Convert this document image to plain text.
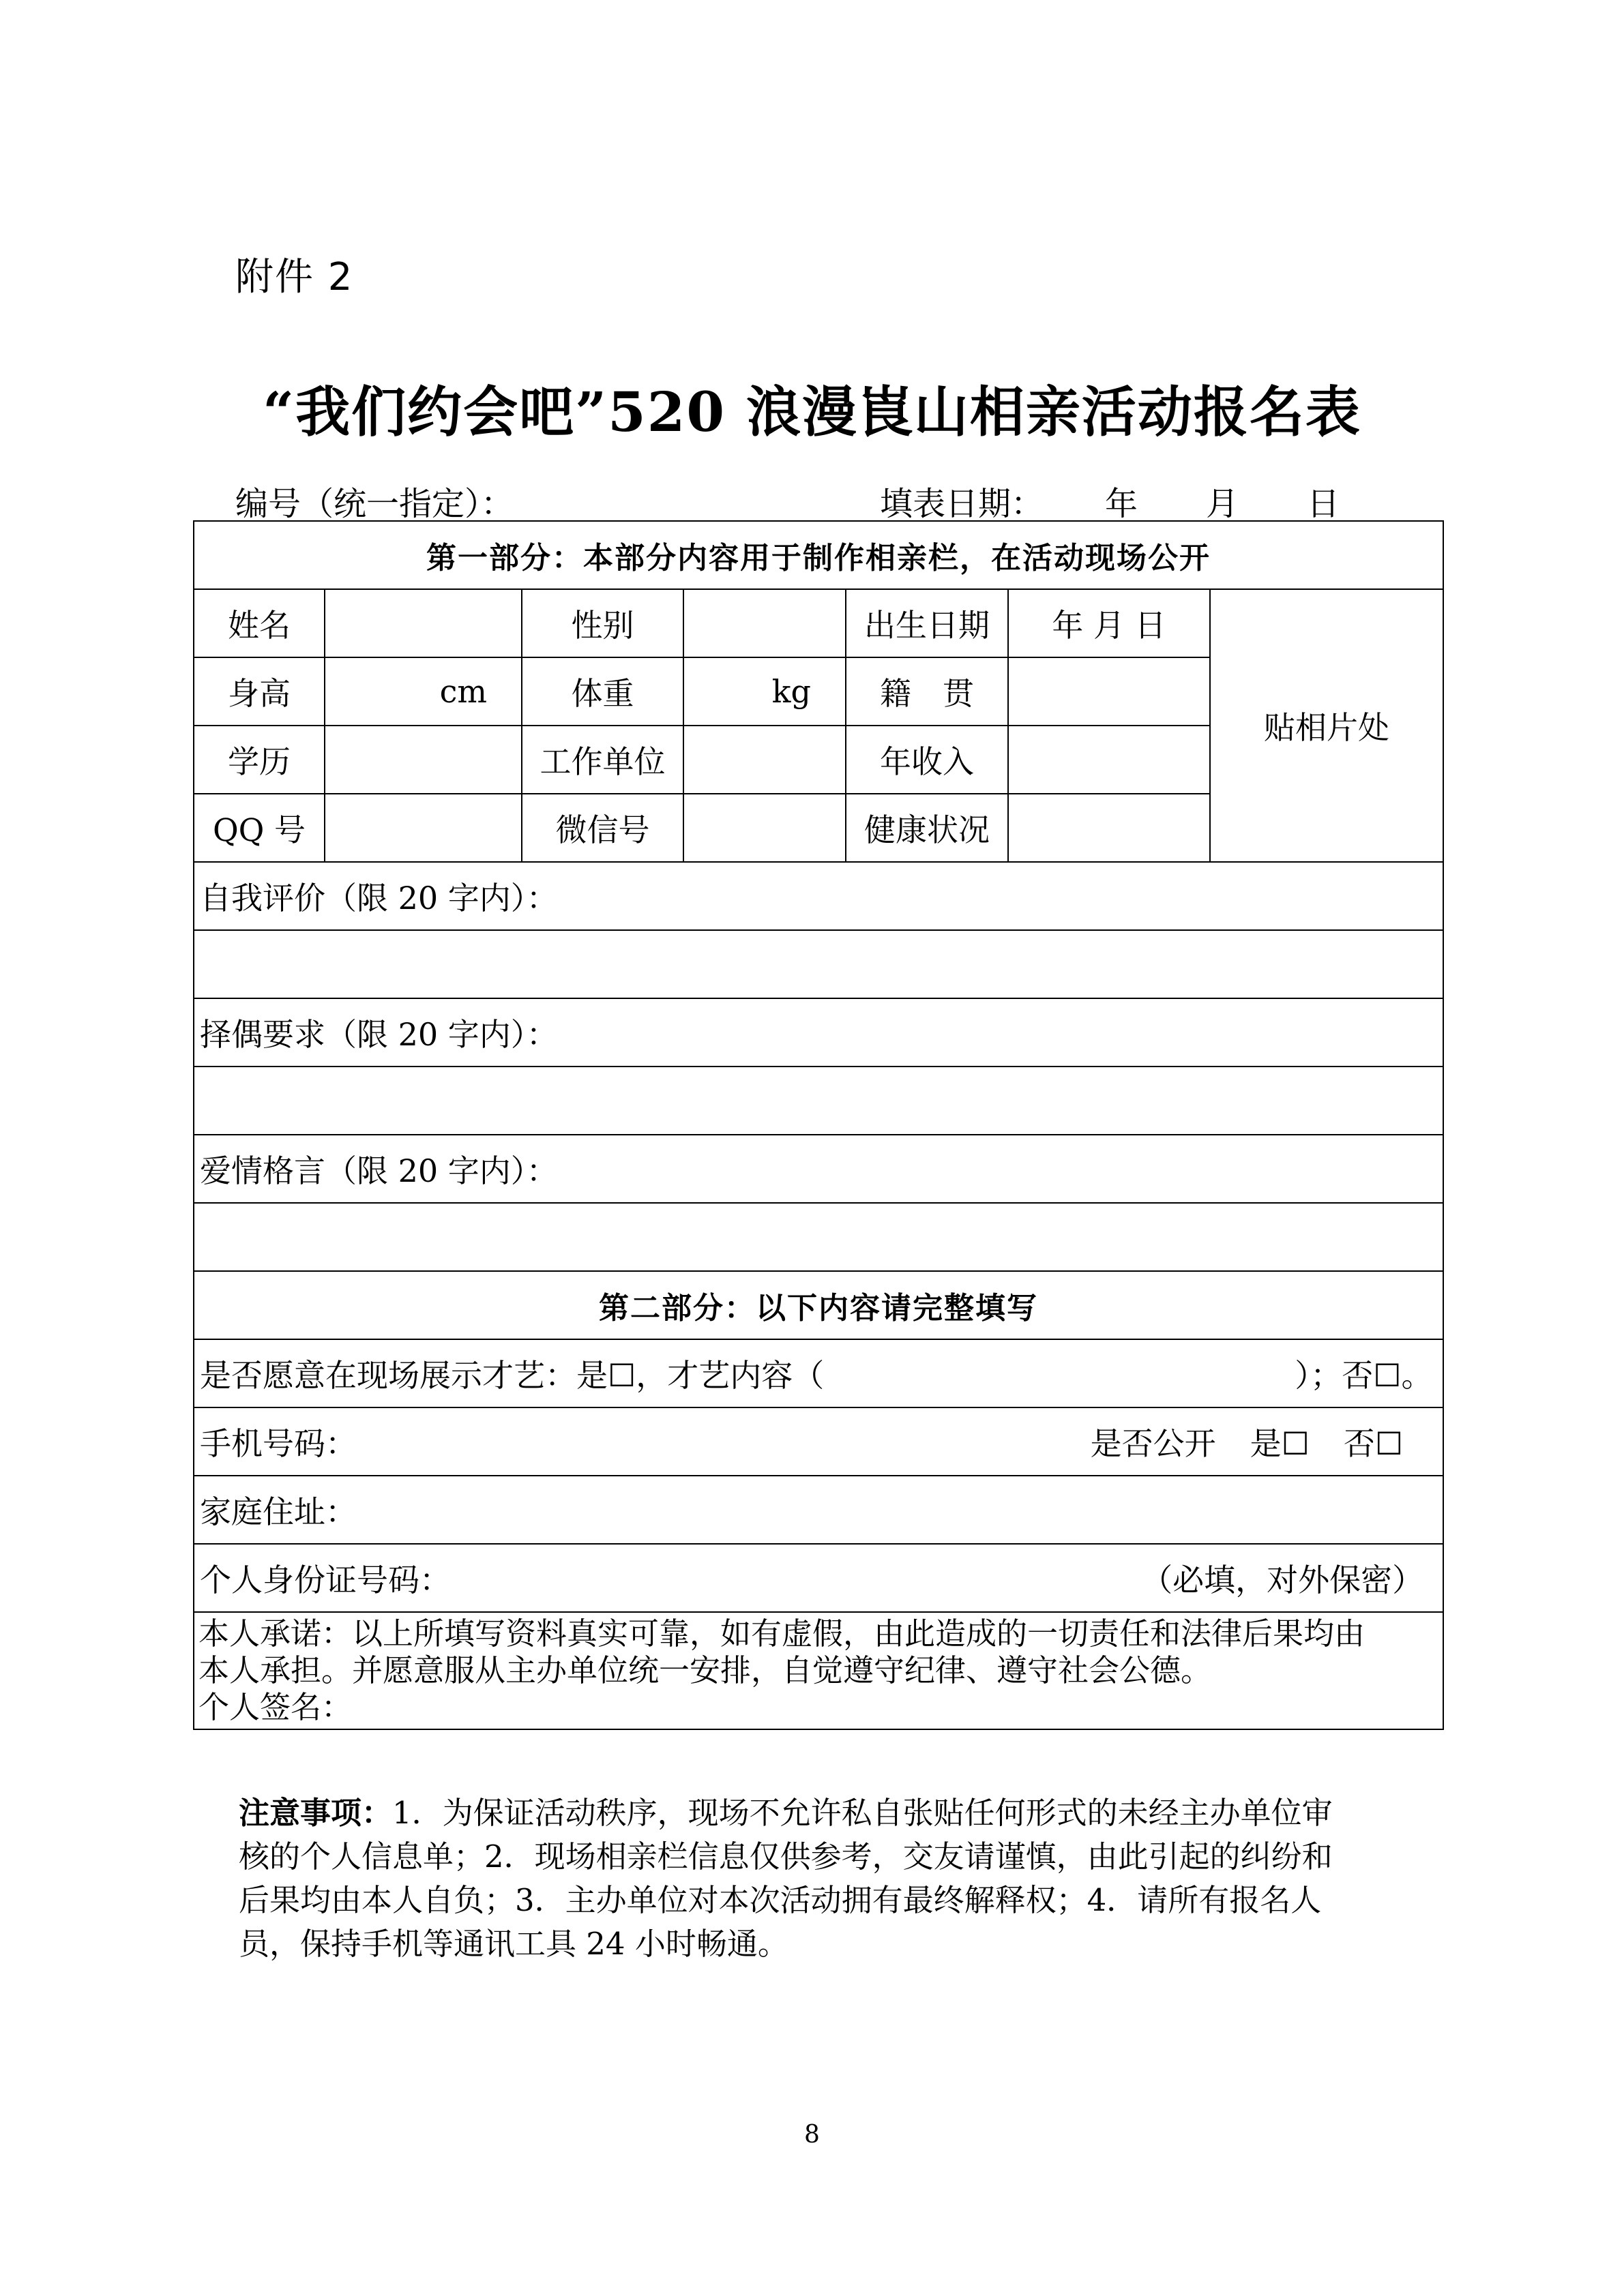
附件 2
“我们约会吧”520 浪漫崀山相亲活动报名表
编号（统一指定）：	填表日期： 年 月 日
第一部分：本部分内容用于制作相亲栏，在活动现场公开						
姓名		性别		出生日期	年 月 日	贴相片处
身高	cm	体重	kg	籍　贯		
学历		工作单位		年收入		
QQ 号		微信号		健康状况		
自我评价（限 20 字内）：						

择偶要求（限 20 字内）：						

爱情格言（限 20 字内）：						

第二部分：以下内容请完整填写						
是否愿意在现场展示才艺：是☐，才艺内容（ ）；否☐。						
手机号码： 是否公开 是☐ 否☐						

家庭住址：						
个人身份证号码： （必填，对外保密）						

本人承诺：以上所填写资料真实可靠，如有虚假，由此造成的一切责任和法律后果均由
本人承担。并愿意服从主办单位统一安排，自觉遵守纪律、遵守社会公德。
个人签名：						
注意事项：1．为保证活动秩序，现场不允许私自张贴任何形式的未经主办单位审
核的个人信息单；2．现场相亲栏信息仅供参考，交友请谨慎，由此引起的纠纷和
后果均由本人自负；3．主办单位对本次活动拥有最终解释权；4．请所有报名人
员，保持手机等通讯工具 24 小时畅通。
8
